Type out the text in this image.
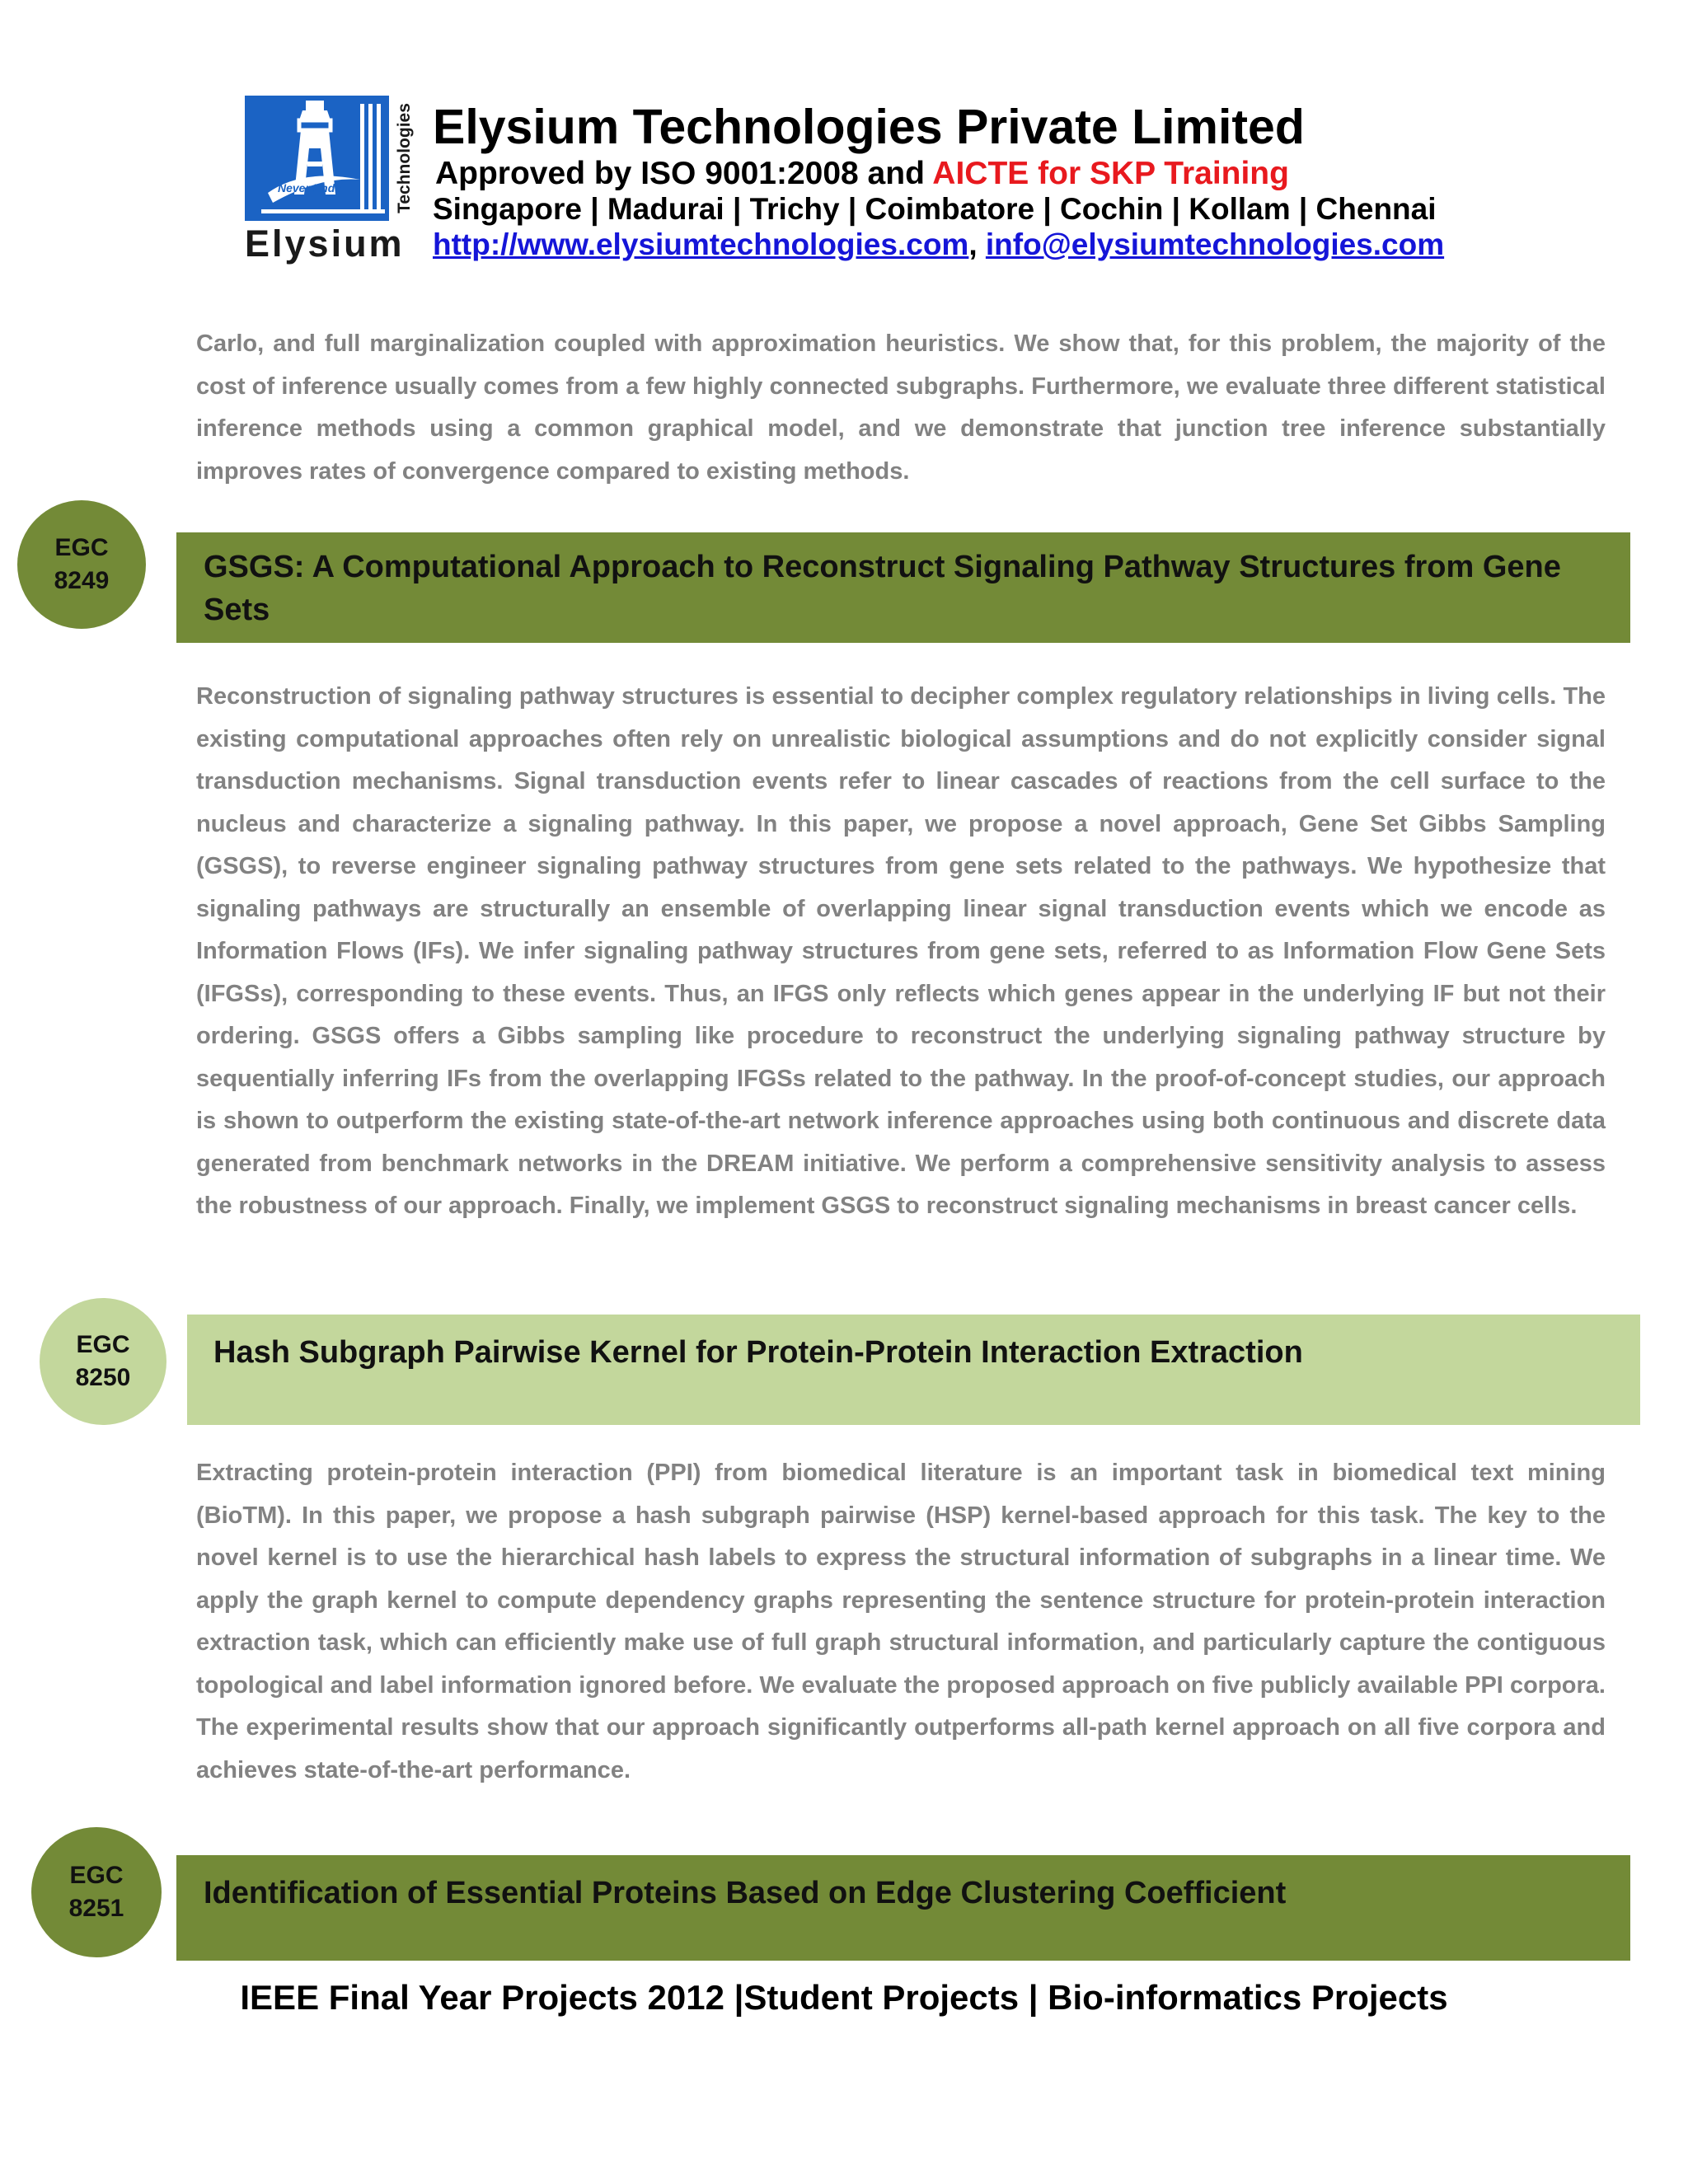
Never Ends	Technologies
Elysium
Elysium Technologies Private Limited
Approved by ISO 9001:2008 and AICTE for SKP Training
Singapore | Madurai | Trichy | Coimbatore | Cochin | Kollam | Chennai
http://www.elysiumtechnologies.com, info@elysiumtechnologies.com
Carlo, and full marginalization coupled with approximation heuristics. We show that, for this problem, the majority of the cost of inference usually comes from a few highly connected subgraphs. Furthermore, we evaluate three different statistical inference methods using a common graphical model, and we demonstrate that junction tree inference substantially improves rates of convergence compared to existing methods.
EGC
8249	GSGS: A Computational Approach to Reconstruct Signaling Pathway Structures from Gene Sets
Reconstruction of signaling pathway structures is essential to decipher complex regulatory relationships in living cells. The existing computational approaches often rely on unrealistic biological assumptions and do not explicitly consider signal transduction mechanisms. Signal transduction events refer to linear cascades of reactions from the cell surface to the nucleus and characterize a signaling pathway. In this paper, we propose a novel approach, Gene Set Gibbs Sampling (GSGS), to reverse engineer signaling pathway structures from gene sets related to the pathways. We hypothesize that signaling pathways are structurally an ensemble of overlapping linear signal transduction events which we encode as Information Flows (IFs). We infer signaling pathway structures from gene sets, referred to as Information Flow Gene Sets (IFGSs), corresponding to these events. Thus, an IFGS only reflects which genes appear in the underlying IF but not their ordering. GSGS offers a Gibbs sampling like procedure to reconstruct the underlying signaling pathway structure by sequentially inferring IFs from the overlapping IFGSs related to the pathway. In the proof-of-concept studies, our approach is shown to outperform the existing state-of-the-art network inference approaches using both continuous and discrete data generated from benchmark networks in the DREAM initiative. We perform a comprehensive sensitivity analysis to assess the robustness of our approach. Finally, we implement GSGS to reconstruct signaling mechanisms in breast cancer cells.
EGC
8250
Hash Subgraph Pairwise Kernel for Protein-Protein Interaction Extraction
Extracting protein-protein interaction (PPI) from biomedical literature is an important task in biomedical text mining (BioTM). In this paper, we propose a hash subgraph pairwise (HSP) kernel-based approach for this task. The key to the novel kernel is to use the hierarchical hash labels to express the structural information of subgraphs in a linear time. We apply the graph kernel to compute dependency graphs representing the sentence structure for protein-protein interaction extraction task, which can efficiently make use of full graph structural information, and particularly capture the contiguous topological and label information ignored before. We evaluate the proposed approach on five publicly available PPI corpora. The experimental results show that our approach significantly outperforms all-path kernel approach on all five corpora and achieves state-of-the-art performance.
EGC
8251	Identification of Essential Proteins Based on Edge Clustering Coefficient
IEEE Final Year Projects 2012 |Student Projects | Bio-informatics Projects
